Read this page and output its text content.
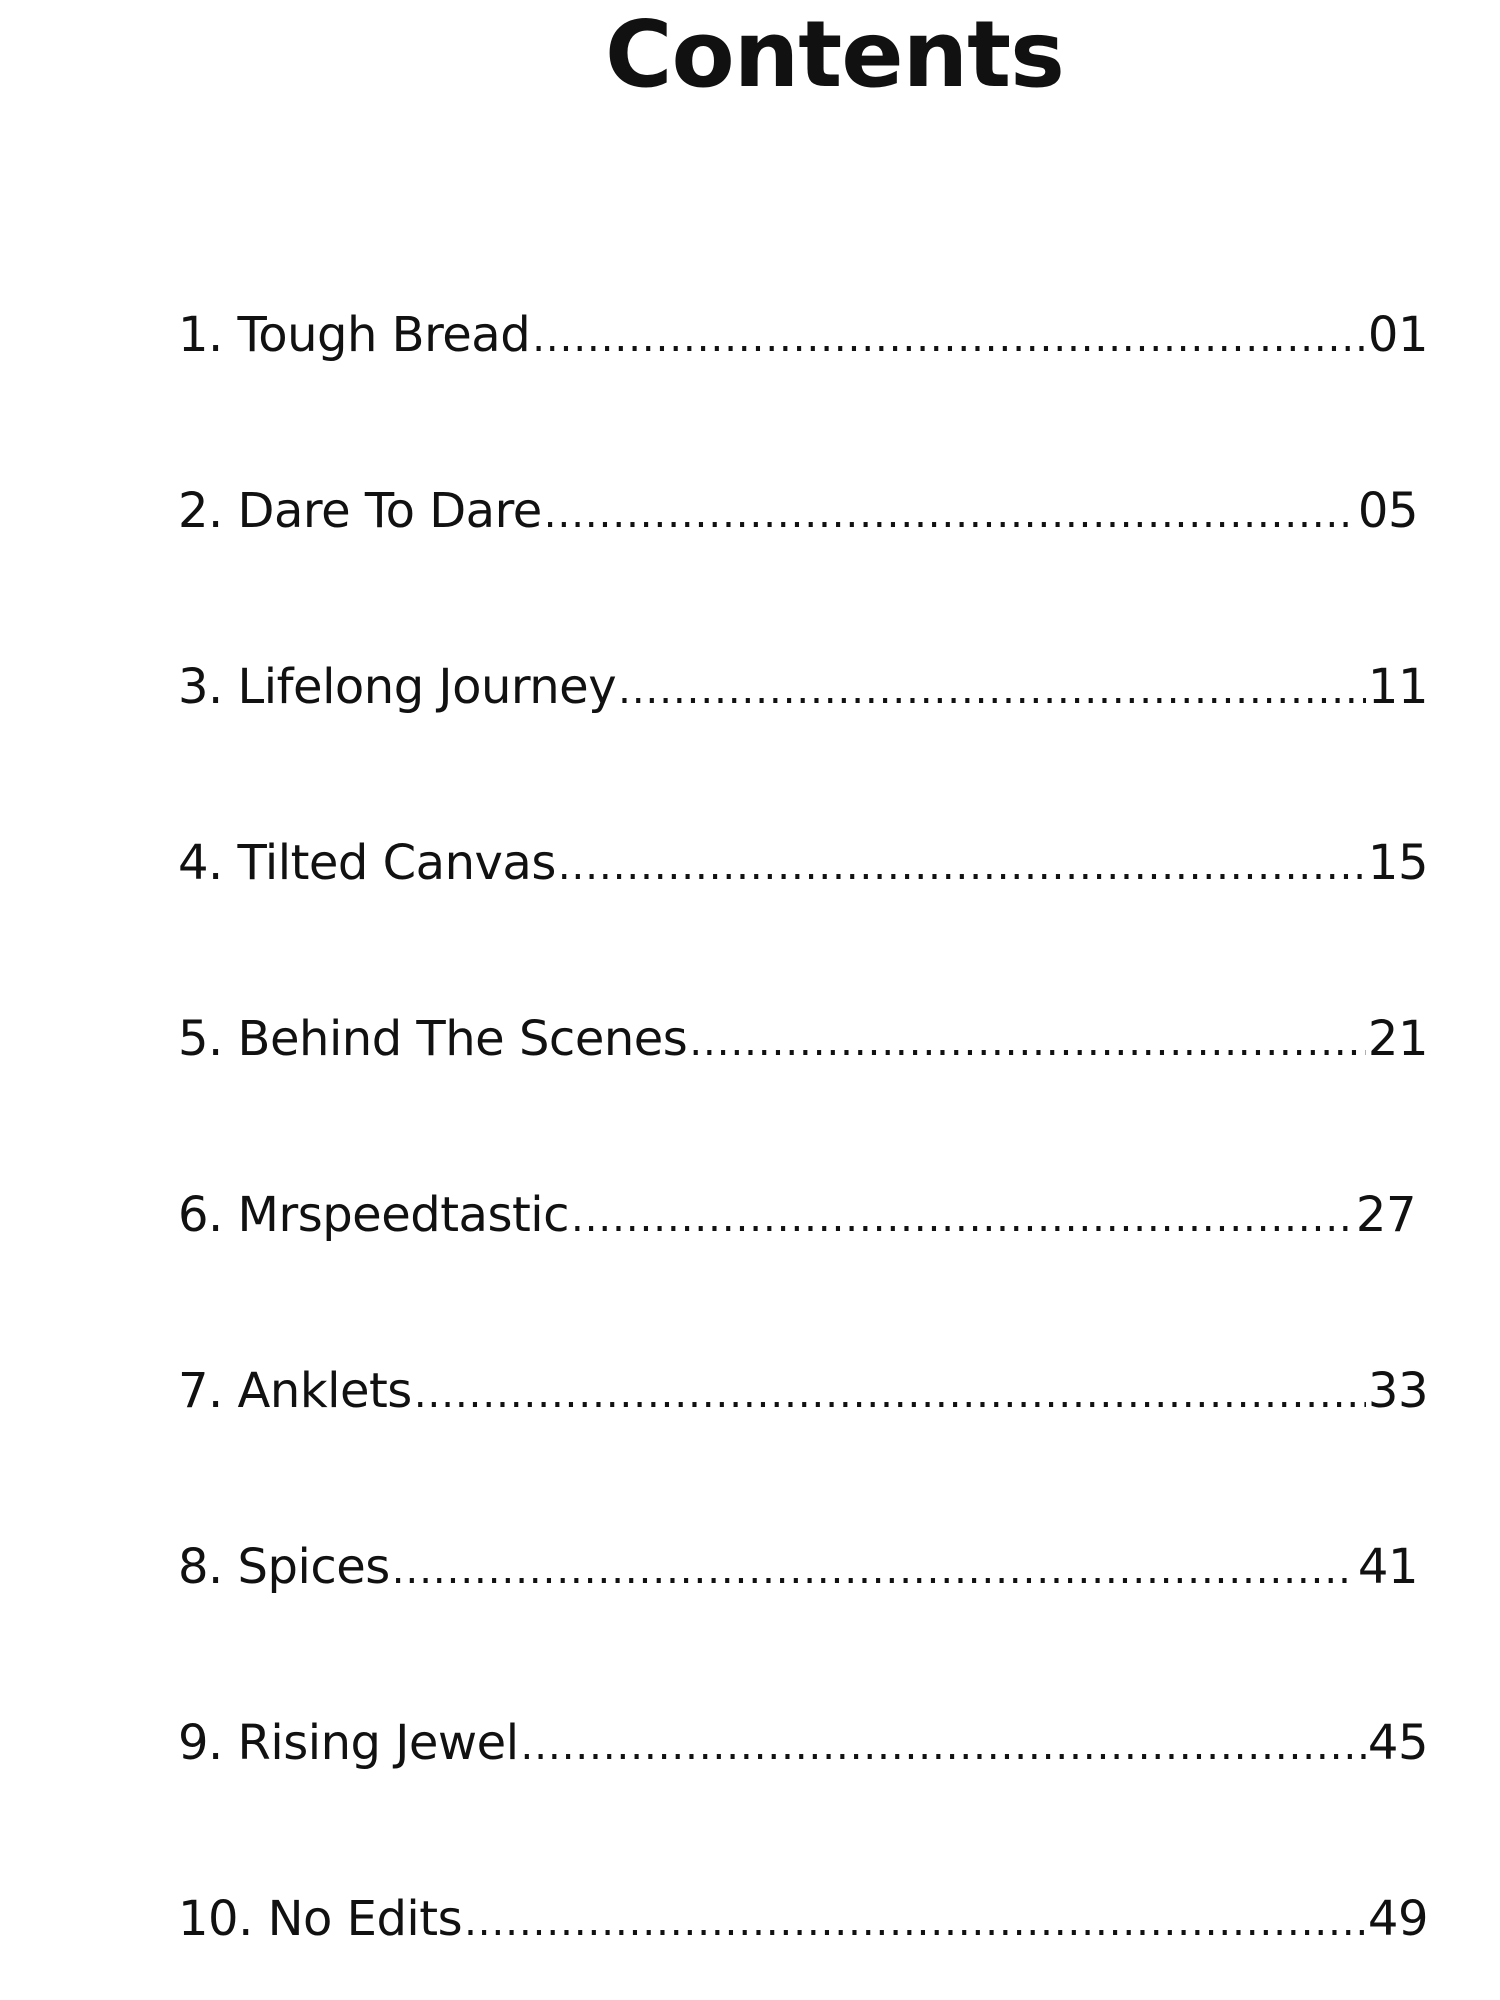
Contents
1. Tough Bread .....	01
2. Dare To Dare .....	05
3. Lifelong Journey .....	11
4. Tilted Canvas .....	15
5. Behind The Scenes .....	21
6. Mrspeedtastic .....	27
7. Anklets .....	33
8. Spices .....	41
9. Rising Jewel .....	45
10. No Edits .....	49
